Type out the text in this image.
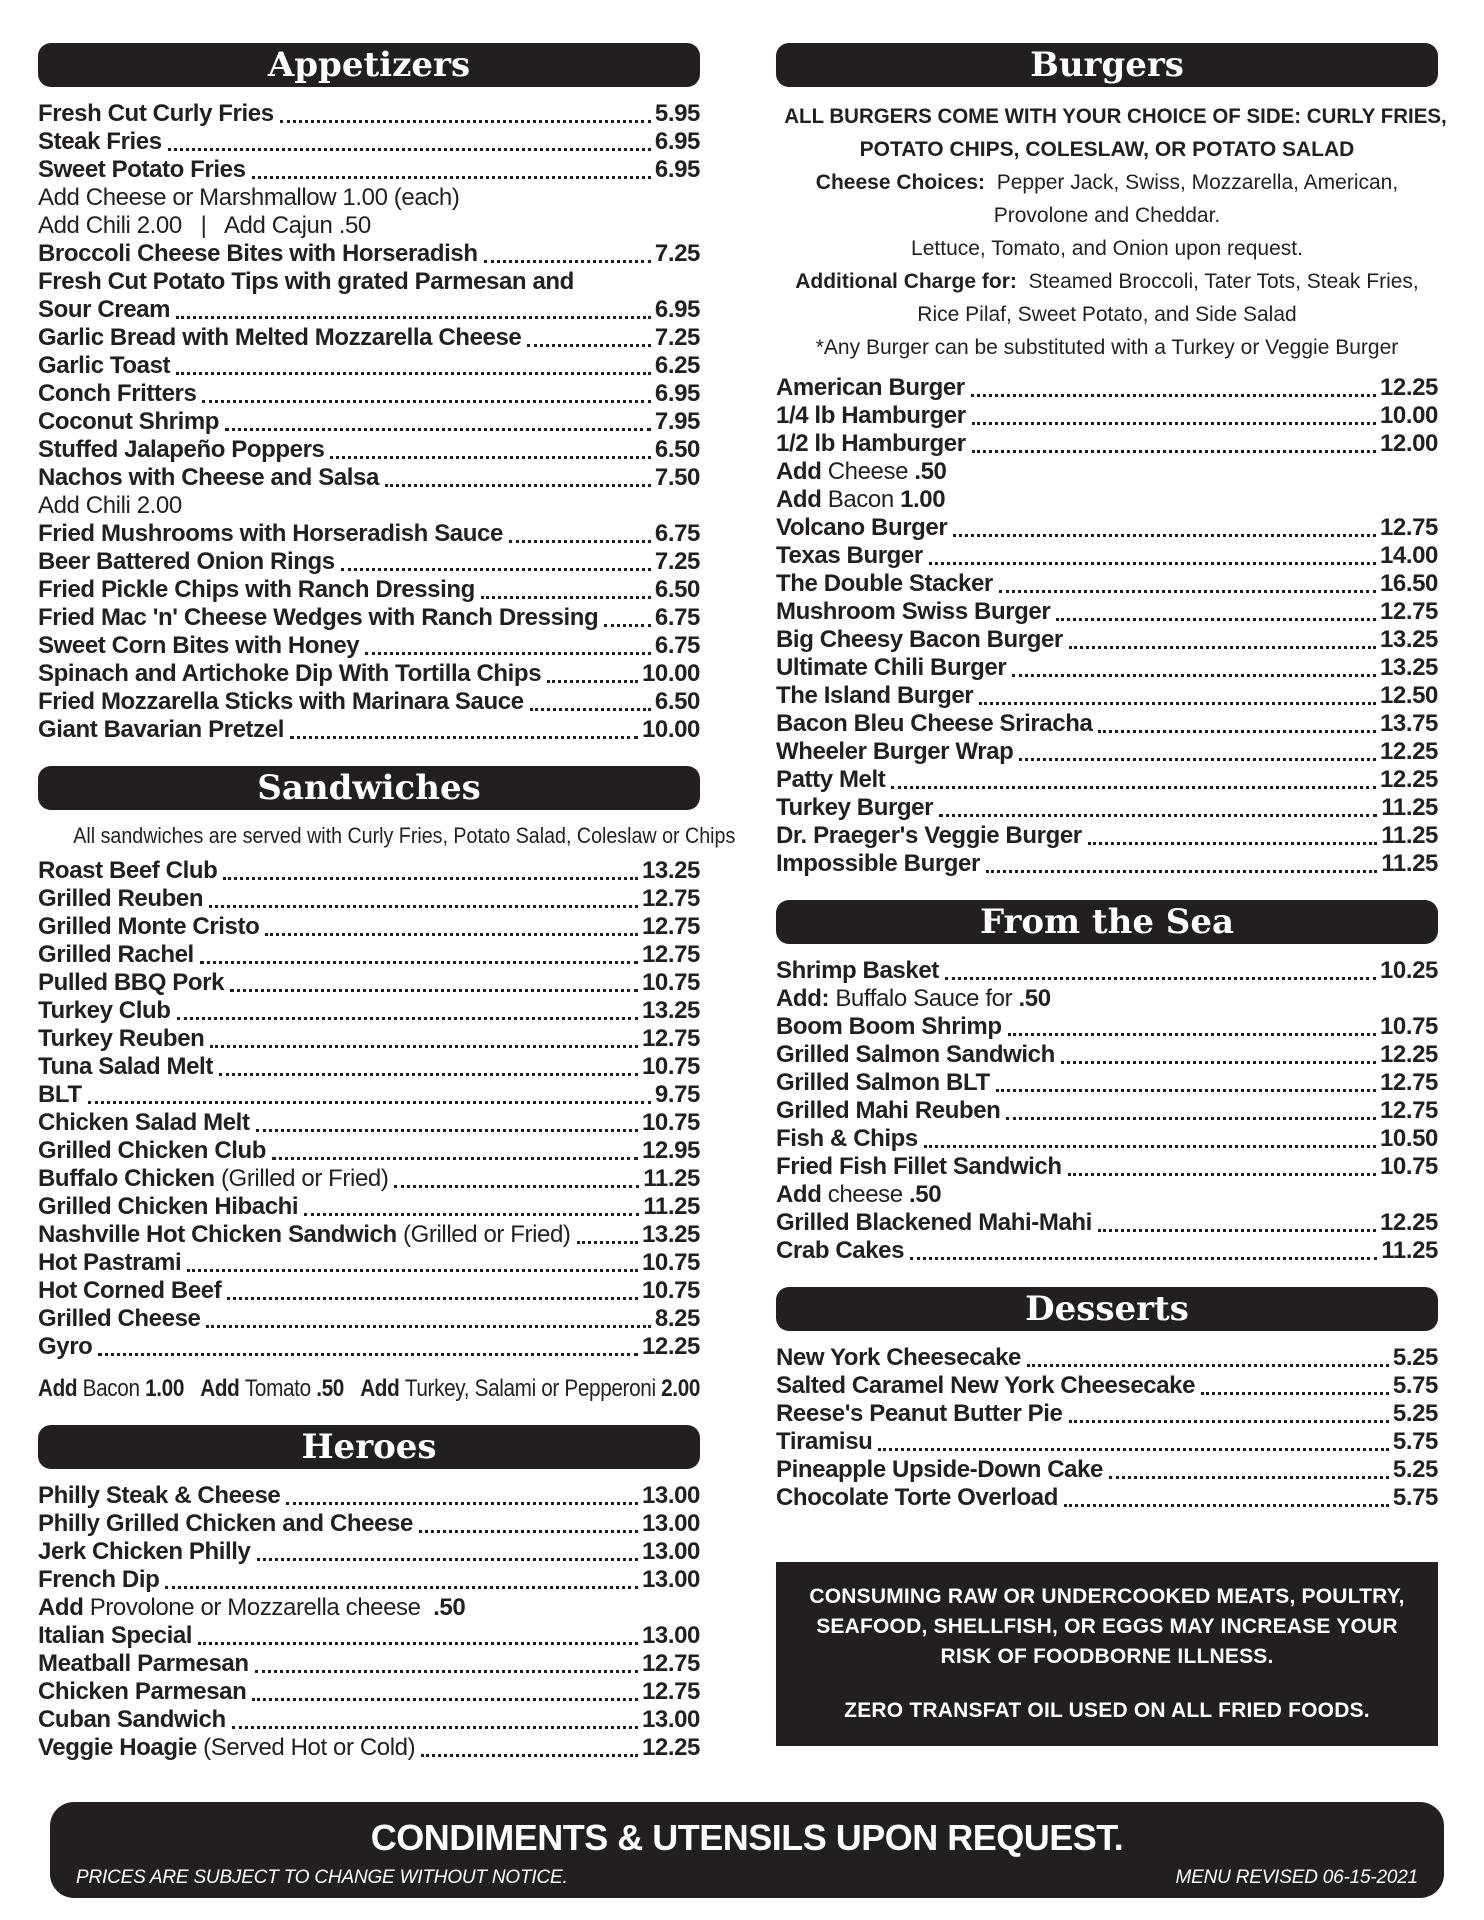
Appetizers
Fresh Cut Curly Fries	5.95
Steak Fries	6.95
Sweet Potato Fries	6.95
Add Cheese or Marshmallow 1.00 (each)
Add Chili 2.00   |   Add Cajun .50
Broccoli Cheese Bites with Horseradish	7.25
Fresh Cut Potato Tips with grated Parmesan and
Sour Cream	6.95
Garlic Bread with Melted Mozzarella Cheese	7.25
Garlic Toast	6.25
Conch Fritters	6.95
Coconut Shrimp	7.95
Stuffed Jalapeño Poppers	6.50
Nachos with Cheese and Salsa	7.50
Add Chili 2.00
Fried Mushrooms with Horseradish Sauce	6.75
Beer Battered Onion Rings	7.25
Fried Pickle Chips with Ranch Dressing	6.50
Fried Mac 'n' Cheese Wedges with Ranch Dressing 6.75
Sweet Corn Bites with Honey	6.75
Spinach and Artichoke Dip With Tortilla Chips	10.00
Fried Mozzarella Sticks with Marinara Sauce	6.50
Giant Bavarian Pretzel	10.00
Sandwiches
All sandwiches are served with Curly Fries, Potato Salad, Coleslaw or Chips
Roast Beef Club	13.25
Grilled Reuben	12.75
Grilled Monte Cristo	12.75
Grilled Rachel	12.75
Pulled BBQ Pork	10.75
Turkey Club	13.25
Turkey Reuben	12.75
Tuna Salad Melt	10.75
BLT	9.75
Chicken Salad Melt	10.75
Grilled Chicken Club	12.95
Buffalo Chicken (Grilled or Fried)	11.25
Grilled Chicken Hibachi	11.25
Nashville Hot Chicken Sandwich (Grilled or Fried)	13.25
Hot Pastrami	10.75
Hot Corned Beef	10.75
Grilled Cheese	8.25
Gyro	12.25
Add Bacon 1.00 Add Tomato .50 Add Turkey, Salami or Pepperoni 2.00
Heroes
Philly Steak & Cheese	13.00
Philly Grilled Chicken and Cheese	13.00
Jerk Chicken Philly	13.00
French Dip	13.00
Add Provolone or Mozzarella cheese  .50
Italian Special	13.00
Meatball Parmesan	12.75
Chicken Parmesan	12.75
Cuban Sandwich	13.00
Veggie Hoagie (Served Hot or Cold)	12.25
Burgers
ALL BURGERS COME WITH YOUR CHOICE OF SIDE: CURLY FRIES,
POTATO CHIPS, COLESLAW, OR POTATO SALAD
Cheese Choices:  Pepper Jack, Swiss, Mozzarella, American,
Provolone and Cheddar.
Lettuce, Tomato, and Onion upon request.
Additional Charge for:  Steamed Broccoli, Tater Tots, Steak Fries,
Rice Pilaf, Sweet Potato, and Side Salad
*Any Burger can be substituted with a Turkey or Veggie Burger
American Burger	12.25
1/4 lb Hamburger	10.00
1/2 lb Hamburger	12.00
Add Cheese .50
Add Bacon 1.00
Volcano Burger	12.75
Texas Burger	14.00
The Double Stacker	16.50
Mushroom Swiss Burger	12.75
Big Cheesy Bacon Burger	13.25
Ultimate Chili Burger	13.25
The Island Burger	12.50
Bacon Bleu Cheese Sriracha	13.75
Wheeler Burger Wrap	12.25
Patty Melt	12.25
Turkey Burger	11.25
Dr. Praeger's Veggie Burger	11.25
Impossible Burger	11.25
From the Sea
Shrimp Basket	10.25
Add: Buffalo Sauce for .50
Boom Boom Shrimp	10.75
Grilled Salmon Sandwich	12.25
Grilled Salmon BLT	12.75
Grilled Mahi Reuben	12.75
Fish & Chips	10.50
Fried Fish Fillet Sandwich	10.75
Add cheese .50
Grilled Blackened Mahi-Mahi	12.25
Crab Cakes	11.25
Desserts
New York Cheesecake	5.25
Salted Caramel New York Cheesecake	5.75
Reese's Peanut Butter Pie	5.25
Tiramisu	5.75
Pineapple Upside-Down Cake	5.25
Chocolate Torte Overload	5.75
CONSUMING RAW OR UNDERCOOKED MEATS, POULTRY,
SEAFOOD, SHELLFISH, OR EGGS MAY INCREASE YOUR
RISK OF FOODBORNE ILLNESS.
ZERO TRANSFAT OIL USED ON ALL FRIED FOODS.
CONDIMENTS & UTENSILS UPON REQUEST.
PRICES ARE SUBJECT TO CHANGE WITHOUT NOTICE.	MENU REVISED 06-15-2021
